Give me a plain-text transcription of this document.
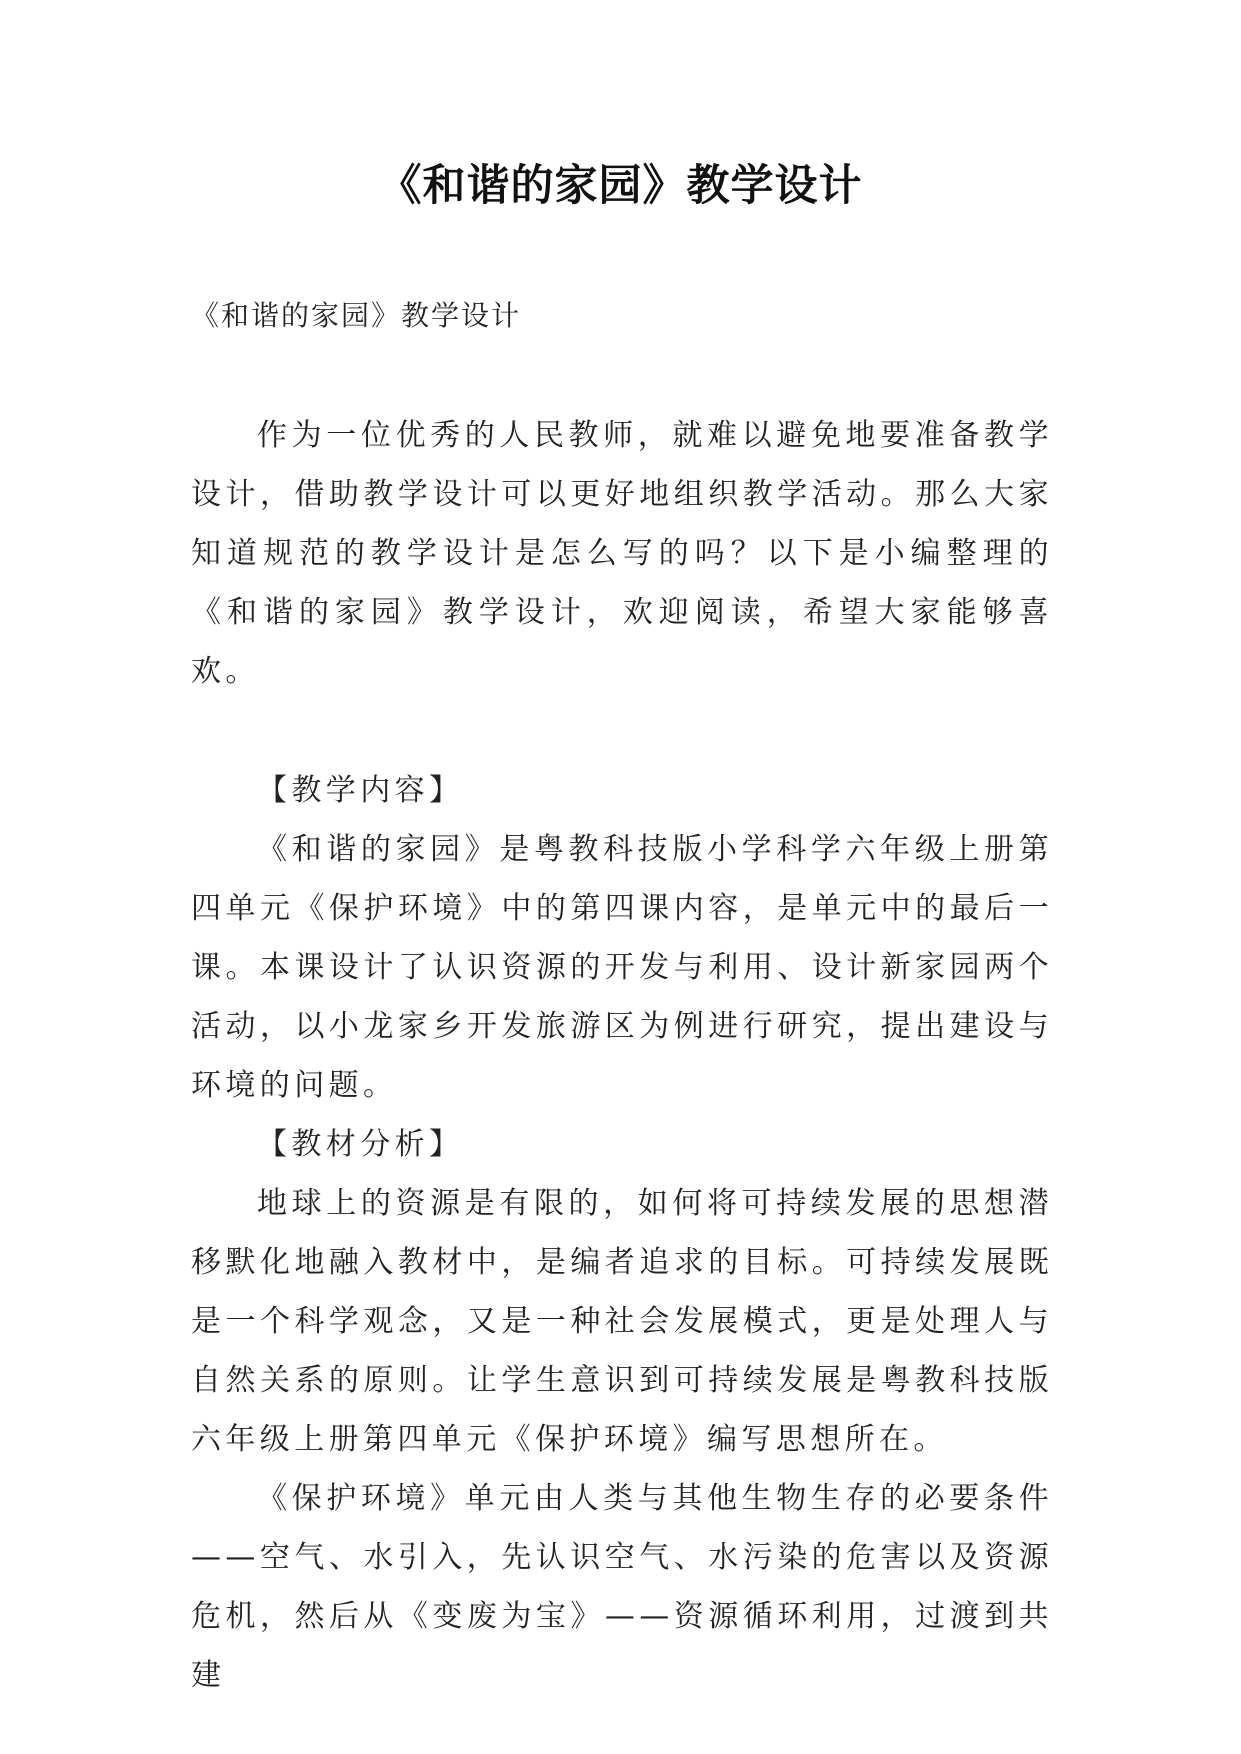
《和谐的家园》教学设计
《和谐的家园》教学设计

作为一位优秀的人民教师，就难以避免地要准备教学设计，借助教学设计可以更好地组织教学活动。那么大家知道规范的教学设计是怎么写的吗？以下是小编整理的《和谐的家园》教学设计，欢迎阅读，希望大家能够喜欢。

【教学内容】

《和谐的家园》是粤教科技版小学科学六年级上册第四单元《保护环境》中的第四课内容，是单元中的最后一课。本课设计了认识资源的开发与利用、设计新家园两个活动，以小龙家乡开发旅游区为例进行研究，提出建设与环境的问题。

【教材分析】

地球上的资源是有限的，如何将可持续发展的思想潜移默化地融入教材中，是编者追求的目标。可持续发展既是一个科学观念，又是一种社会发展模式，更是处理人与自然关系的原则。让学生意识到可持续发展是粤教科技版六年级上册第四单元《保护环境》编写思想所在。

《保护环境》单元由人类与其他生物生存的必要条件——空气、水引入，先认识空气、水污染的危害以及资源危机，然后从《变废为宝》——资源循环利用，过渡到共建
